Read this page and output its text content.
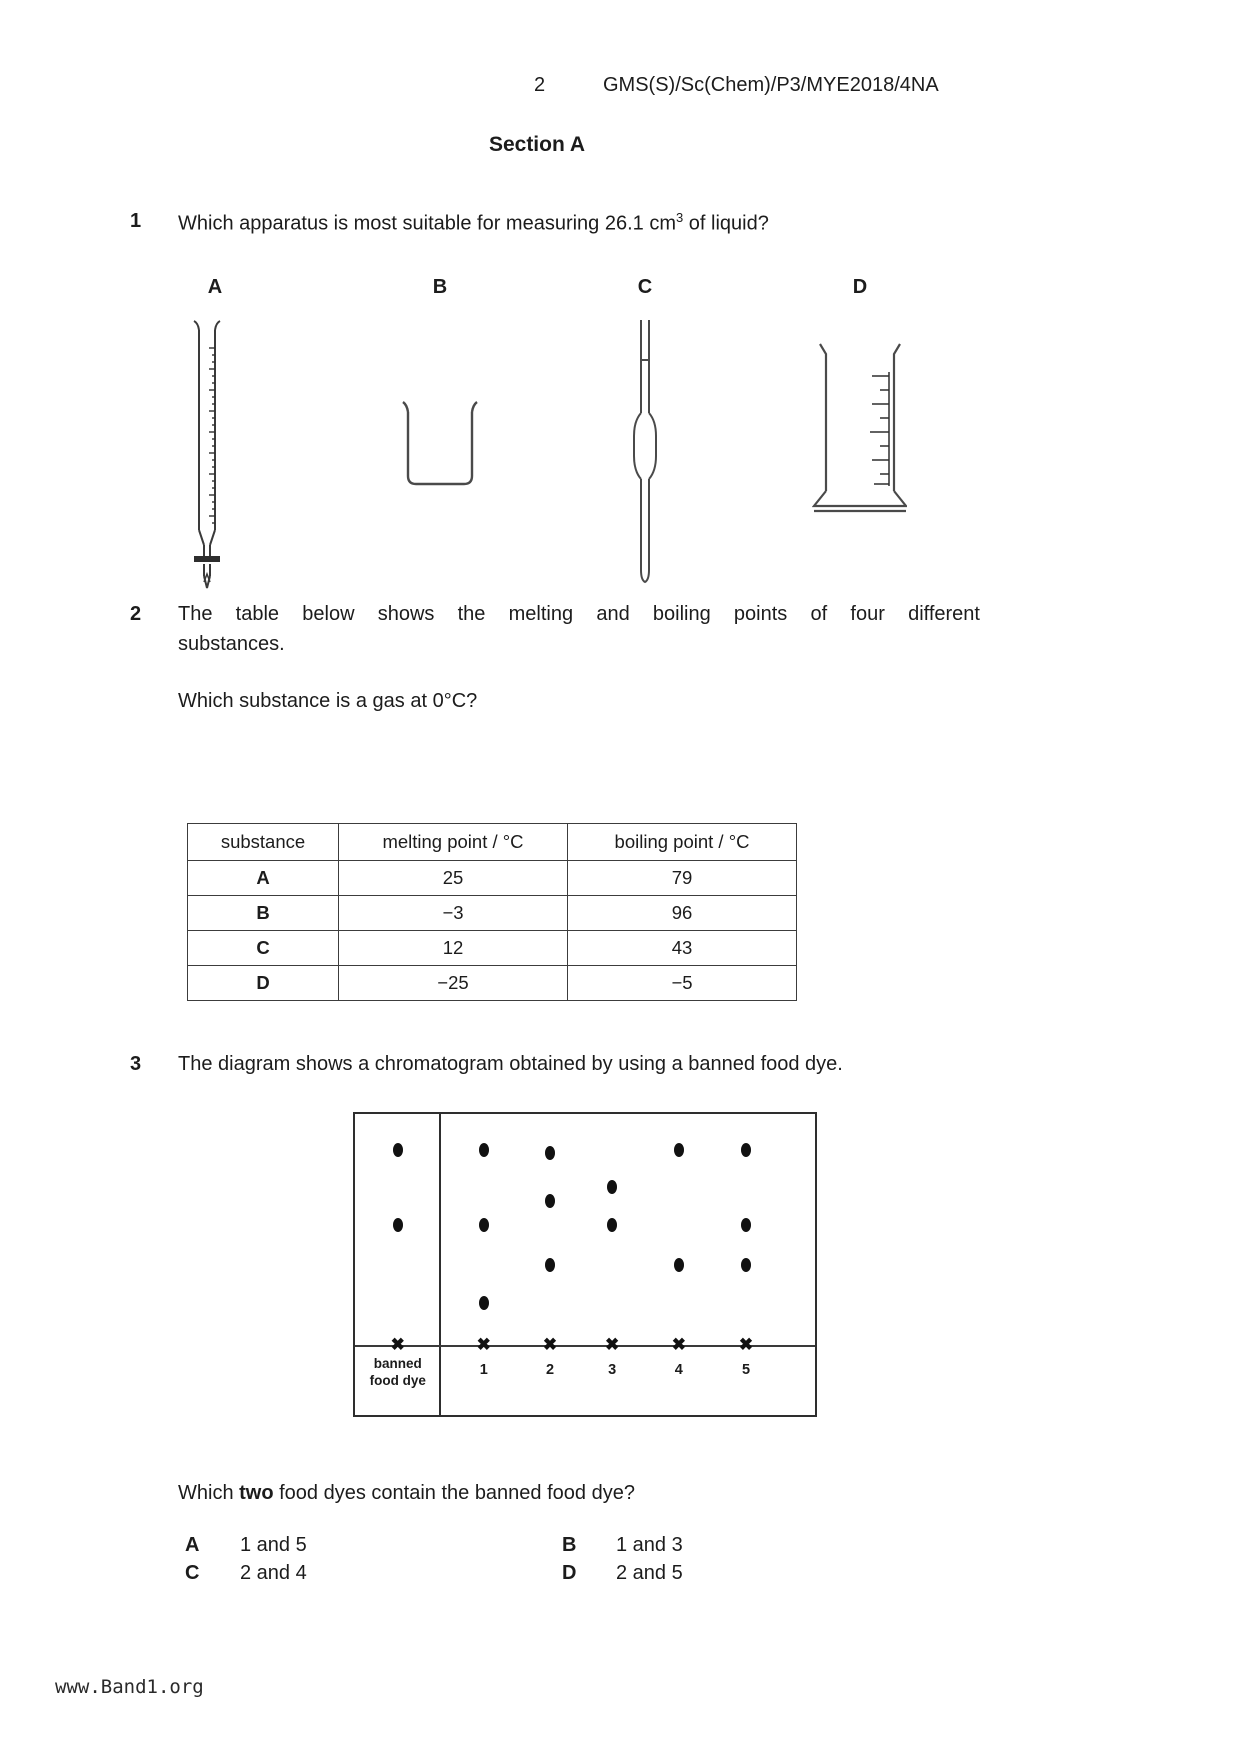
2	GMS(S)/Sc(Chem)/P3/MYE2018/4NA
Section A
1 Which apparatus is most suitable for measuring 26.1 $cm^3$ of liquid?
A	B	C	D
2 The table below shows the melting and boiling points of four different
substances.
Which substance is a gas at 0°C?
substance	melting point / °C	boiling point / °C
A	25	79
B	−3	96
C	12	43
D	−25	−5
3 The diagram shows a chromatogram obtained by using a banned food dye.
✖
banned
food dye
✖
1
✖
2
✖
3
✖
4
✖
5
Which two food dyes contain the banned food dye?
A 1 and 5	B 1 and 3
C 2 and 4	D 2 and 5
www.Band1.org
